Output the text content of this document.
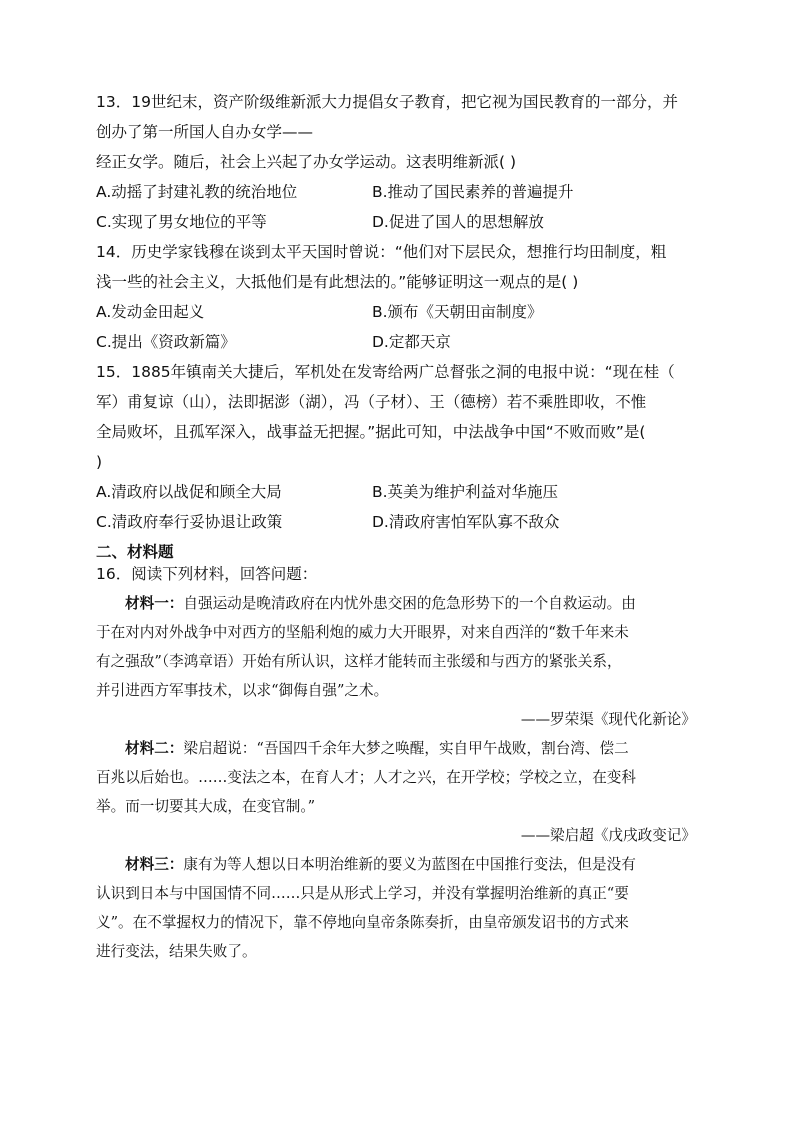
13．19世纪末，资产阶级维新派大力提倡女子教育，把它视为国民教育的一部分，并
创办了第一所国人自办女学——
经正女学。随后，社会上兴起了办女学运动。这表明维新派( )
A.动摇了封建礼教的统治地位	B.推动了国民素养的普遍提升
C.实现了男女地位的平等	D.促进了国人的思想解放
14．历史学家钱穆在谈到太平天国时曾说：“他们对下层民众，想推行均田制度，粗
浅一些的社会主义，大抵他们是有此想法的。”能够证明这一观点的是( )
A.发动金田起义	B.颁布《天朝田亩制度》
C.提出《资政新篇》	D.定都天京
15．1885年镇南关大捷后，军机处在发寄给两广总督张之洞的电报中说：“现在桂（
军）甫复谅（山），法即据澎（湖），冯（子材）、王（德榜）若不乘胜即收，不惟
全局败坏，且孤军深入，战事益无把握。”据此可知，中法战争中国“不败而败”是(
)
A.清政府以战促和顾全大局	B.英美为维护利益对华施压
C.清政府奉行妥协退让政策	D.清政府害怕军队寡不敌众
二、材料题
16．阅读下列材料，回答问题：
材料一：自强运动是晚清政府在内忧外患交困的危急形势下的一个自救运动。由
于在对内对外战争中对西方的坚船利炮的威力大开眼界，对来自西洋的“数千年来未
有之强敌”（李鸿章语）开始有所认识，这样才能转而主张缓和与西方的紧张关系，
并引进西方军事技术，以求“御侮自强”之术。
——罗荣渠《现代化新论》
材料二：梁启超说：“吾国四千余年大梦之唤醒，实自甲午战败，割台湾、偿二
百兆以后始也。……变法之本，在育人才；人才之兴，在开学校；学校之立，在变科
举。而一切要其大成，在变官制。”
——梁启超《戊戌政变记》
材料三：康有为等人想以日本明治维新的要义为蓝图在中国推行变法，但是没有
认识到日本与中国国情不同……只是从形式上学习，并没有掌握明治维新的真正“要
义”。在不掌握权力的情况下，靠不停地向皇帝条陈奏折，由皇帝颁发诏书的方式来
进行变法，结果失败了。
